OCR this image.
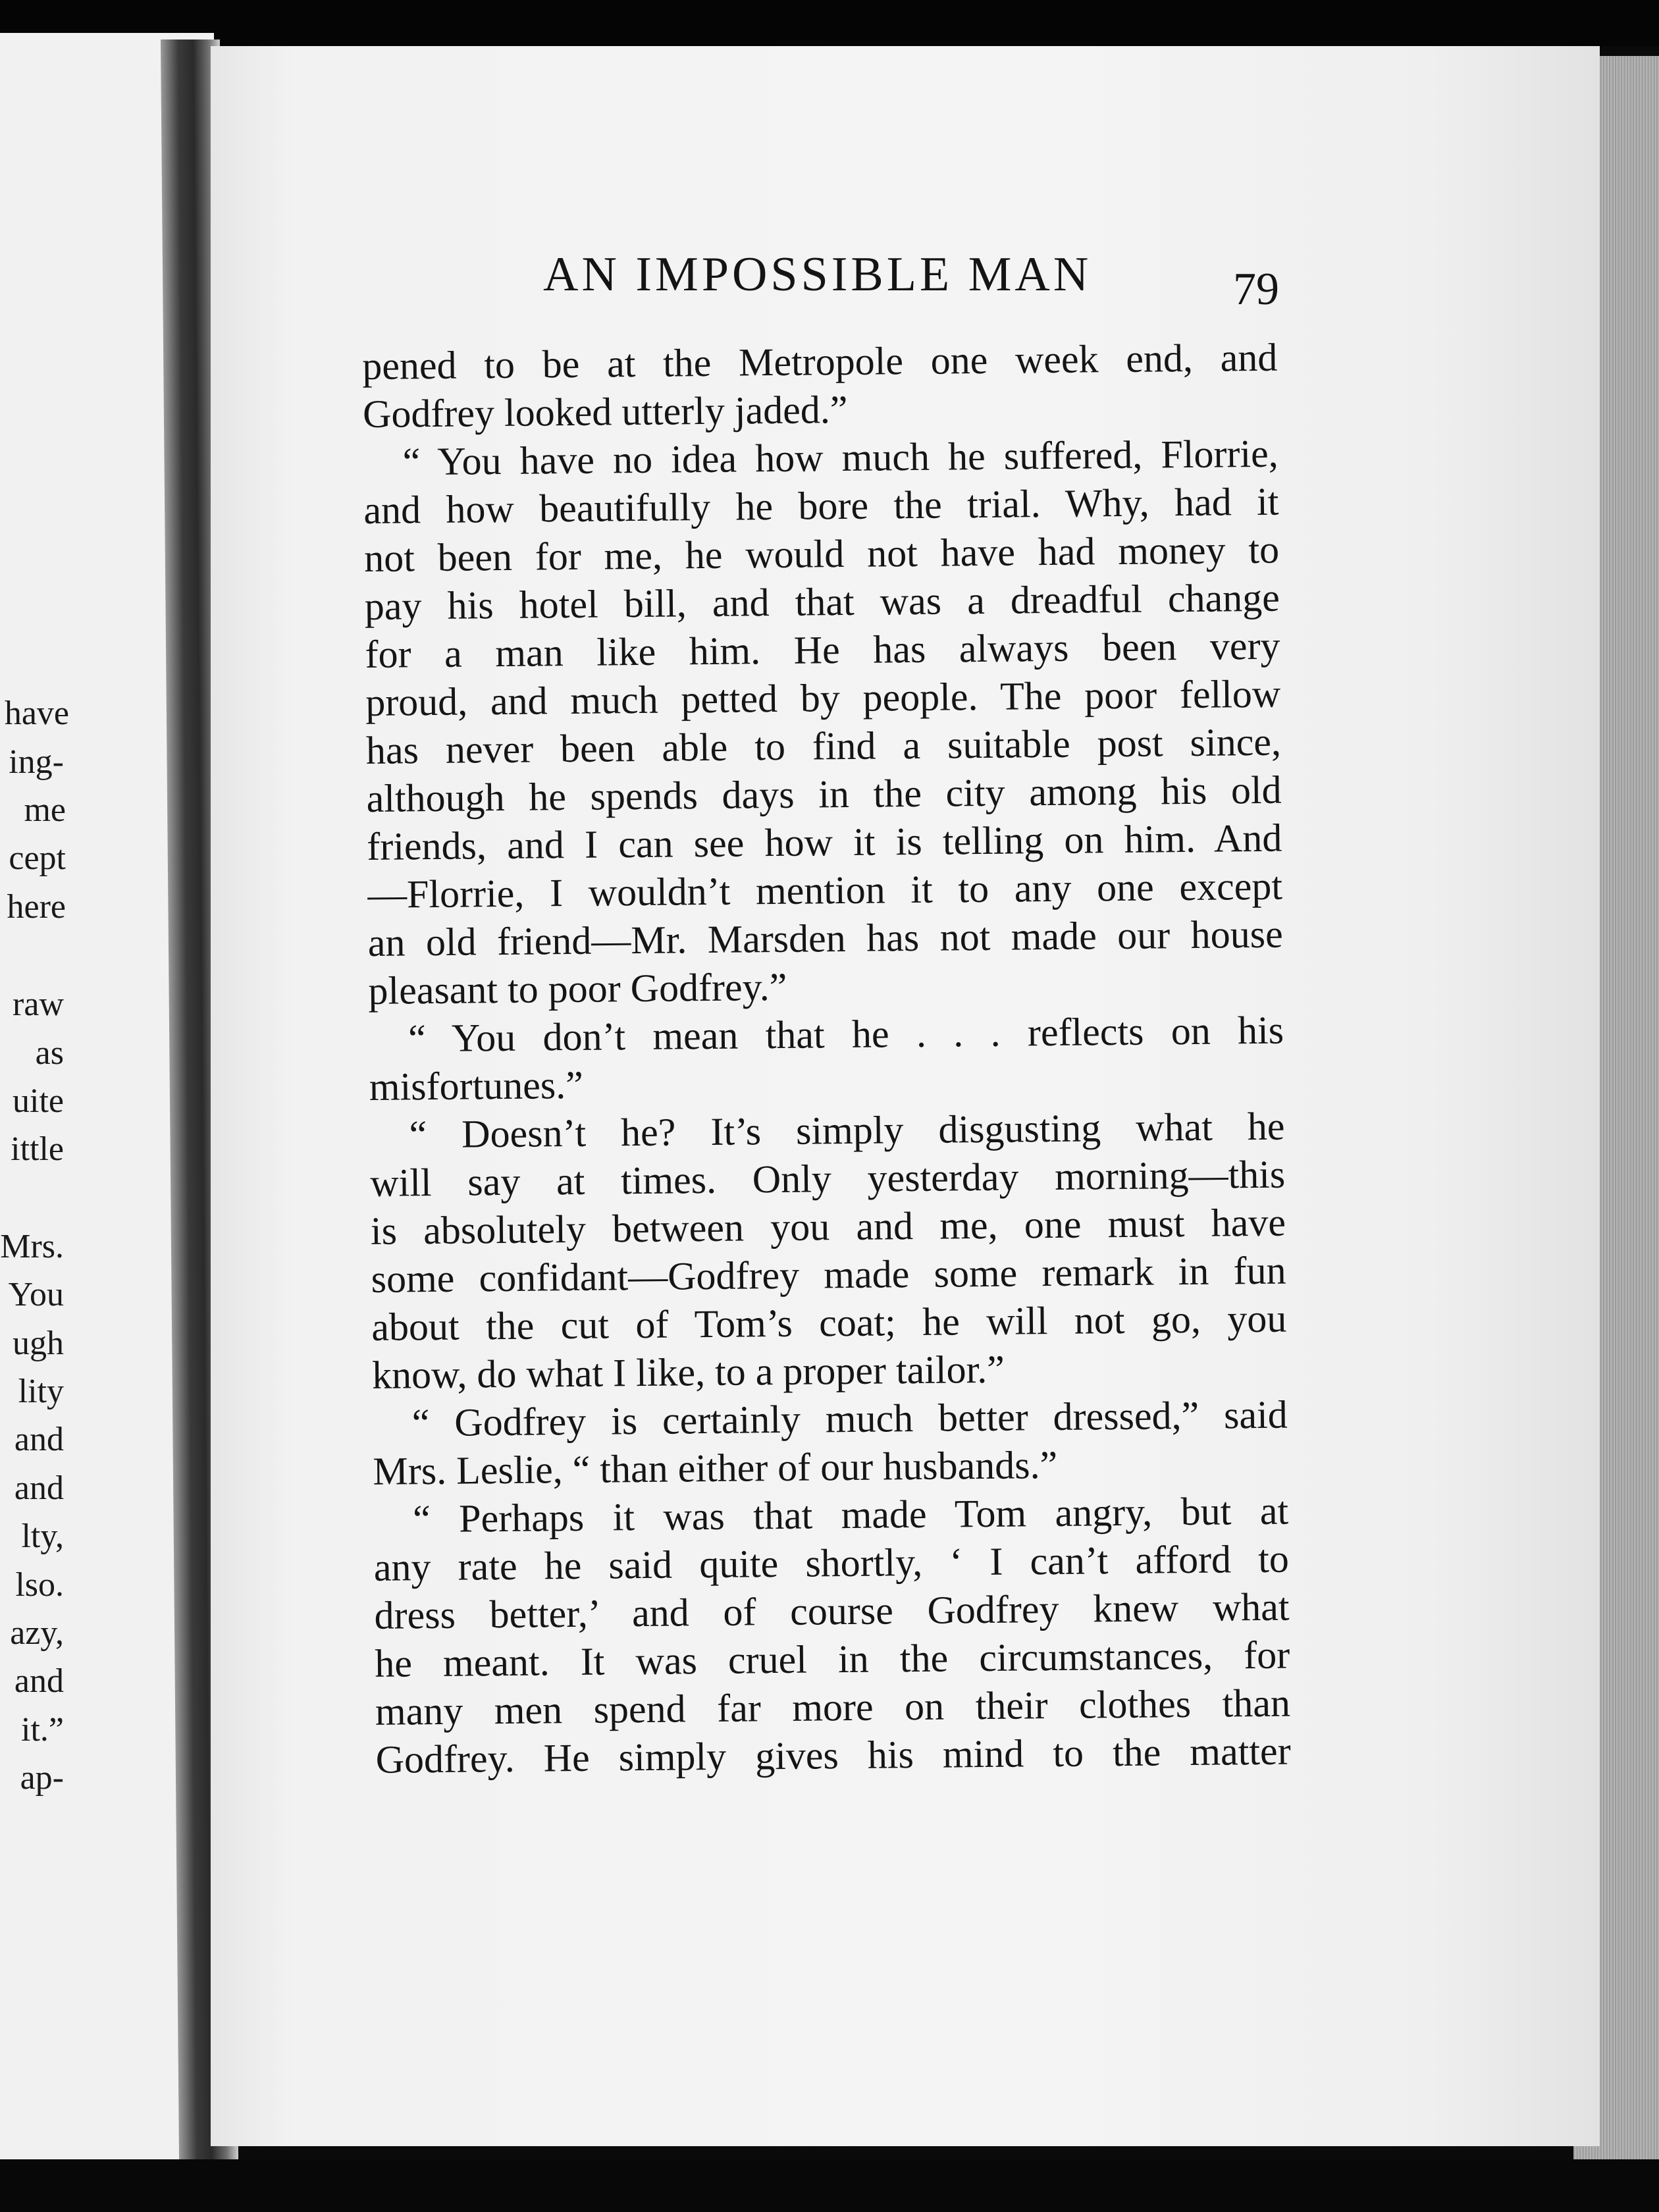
have
ing-
me
cept
here
raw
as
uite
ittle
Mrs.
You
ugh
lity
and
and
lty,
lso.
azy,
and
it.”
ap-
AN IMPOSSIBLE MAN	79
pened to be at the Metropole one week end, and
Godfrey looked utterly jaded.”
“ You have no idea how much he suffered, Florrie,
and how beautifully he bore the trial. Why, had it
not been for me, he would not have had money to
pay his hotel bill, and that was a dreadful change
for a man like him. He has always been very
proud, and much petted by people. The poor fellow
has never been able to find a suitable post since,
although he spends days in the city among his old
friends, and I can see how it is telling on him. And
—Florrie, I wouldn’t mention it to any one except
an old friend—Mr. Marsden has not made our house
pleasant to poor Godfrey.”
“ You don’t mean that he . . . reflects on his
misfortunes.”
“ Doesn’t he? It’s simply disgusting what he
will say at times. Only yesterday morning—this
is absolutely between you and me, one must have
some confidant—Godfrey made some remark in fun
about the cut of Tom’s coat; he will not go, you
know, do what I like, to a proper tailor.”
“ Godfrey is certainly much better dressed,” said
Mrs. Leslie, “ than either of our husbands.”
“ Perhaps it was that made Tom angry, but at
any rate he said quite shortly, ‘ I can’t afford to
dress better,’ and of course Godfrey knew what
he meant. It was cruel in the circumstances, for
many men spend far more on their clothes than
Godfrey. He simply gives his mind to the matter
